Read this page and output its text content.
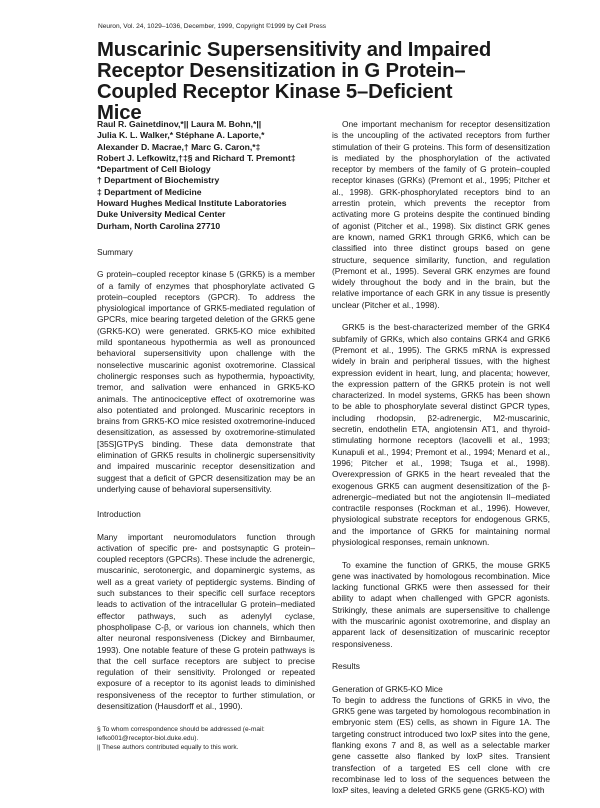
Neuron, Vol. 24, 1029–1036, December, 1999, Copyright ©1999 by Cell Press
Muscarinic Supersensitivity and Impaired Receptor Desensitization in G Protein–Coupled Receptor Kinase 5–Deficient Mice
Raul R. Gainetdinov,*|| Laura M. Bohn,*||
Julia K. L. Walker,* Stéphane A. Laporte,*
Alexander D. Macrae,† Marc G. Caron,*‡
Robert J. Lefkowitz,†‡§ and Richard T. Premont‡
*Department of Cell Biology
† Department of Biochemistry
‡ Department of Medicine
Howard Hughes Medical Institute Laboratories
Duke University Medical Center
Durham, North Carolina 27710
Summary

G protein–coupled receptor kinase 5 (GRK5) is a member of a family of enzymes that phosphorylate activated G protein–coupled receptors (GPCR). To address the physiological importance of GRK5-mediated regulation of GPCRs, mice bearing targeted deletion of the GRK5 gene (GRK5-KO) were generated. GRK5-KO mice exhibited mild spontaneous hypothermia as well as pronounced behavioral supersensitivity upon challenge with the nonselective muscarinic agonist oxotremorine. Classical cholinergic responses such as hypothermia, hypoactivity, tremor, and salivation were enhanced in GRK5-KO animals. The antinociceptive effect of oxotremorine was also potentiated and prolonged. Muscarinic receptors in brains from GRK5-KO mice resisted oxotremorine-induced desensitization, as assessed by oxotremorine-stimulated [35S]GTPγS binding. These data demonstrate that elimination of GRK5 results in cholinergic supersensitivity and impaired muscarinic receptor desensitization and suggest that a deficit of GPCR desensitization may be an underlying cause of behavioral supersensitivity.

Introduction

Many important neuromodulators function through activation of specific pre- and postsynaptic G protein–coupled receptors (GPCRs). These include the adrenergic, muscarinic, serotonergic, and dopaminergic systems, as well as a great variety of peptidergic systems. Binding of such substances to their specific cell surface receptors leads to activation of the intracellular G protein–mediated effector pathways, such as adenylyl cyclase, phospholipase C-β, or various ion channels, which then alter neuronal responsiveness (Dickey and Birnbaumer, 1993). One notable feature of these G protein pathways is that the cell surface receptors are subject to precise regulation of their sensitivity. Prolonged or repeated exposure of a receptor to its agonist leads to diminished responsiveness of the receptor to further stimulation, or desensitization (Hausdorff et al., 1990).

§ To whom correspondence should be addressed (e-mail: lefko001@receptor-biol.duke.edu).
|| These authors contributed equally to this work.

One important mechanism for receptor desensitization is the uncoupling of the activated receptors from further stimulation of their G proteins. This form of desensitization is mediated by the phosphorylation of the activated receptor by members of the family of G protein–coupled receptor kinases (GRKs) (Premont et al., 1995; Pitcher et al., 1998). GRK-phosphorylated receptors bind to an arrestin protein, which prevents the receptor from activating more G proteins despite the continued binding of agonist (Pitcher et al., 1998). Six distinct GRK genes are known, named GRK1 through GRK6, which can be classified into three distinct groups based on gene structure, sequence similarity, function, and regulation (Premont et al., 1995). Several GRK enzymes are found widely throughout the body and in the brain, but the relative importance of each GRK in any tissue is presently unclear (Pitcher et al., 1998).

GRK5 is the best-characterized member of the GRK4 subfamily of GRKs, which also contains GRK4 and GRK6 (Premont et al., 1995). The GRK5 mRNA is expressed widely in brain and peripheral tissues, with the highest expression evident in heart, lung, and placenta; however, the expression pattern of the GRK5 protein is not well characterized. In model systems, GRK5 has been shown to be able to phosphorylate several distinct GPCR types, including rhodopsin, β2-adrenergic, M2-muscarinic, secretin, endothelin ETA, angiotensin AT1, and thyroid-stimulating hormone receptors (Iacovelli et al., 1993; Kunapuli et al., 1994; Premont et al., 1994; Menard et al., 1996; Pitcher et al., 1998; Tsuga et al., 1998). Overexpression of GRK5 in the heart revealed that the exogenous GRK5 can augment desensitization of the β-adrenergic–mediated but not the angiotensin II–mediated contractile responses (Rockman et al., 1996). However, physiological substrate receptors for endogenous GRK5, and the importance of GRK5 for maintaining normal physiological responses, remain unknown.

To examine the function of GRK5, the mouse GRK5 gene was inactivated by homologous recombination. Mice lacking functional GRK5 were then assessed for their ability to adapt when challenged with GPCR agonists. Strikingly, these animals are supersensitive to challenge with the muscarinic agonist oxotremorine, and display an apparent lack of desensitization of muscarinic receptor responsiveness.

Results
Generation of GRK5-KO Mice

To begin to address the functions of GRK5 in vivo, the GRK5 gene was targeted by homologous recombination in embryonic stem (ES) cells, as shown in Figure 1A. The targeting construct introduced two loxP sites into the gene, flanking exons 7 and 8, as well as a selectable marker gene cassette also flanked by loxP sites. Transient transfection of a targeted ES cell clone with cre recombinase led to loss of the sequences between the loxP sites, leaving a deleted GRK5 gene (GRK5-KO) with
